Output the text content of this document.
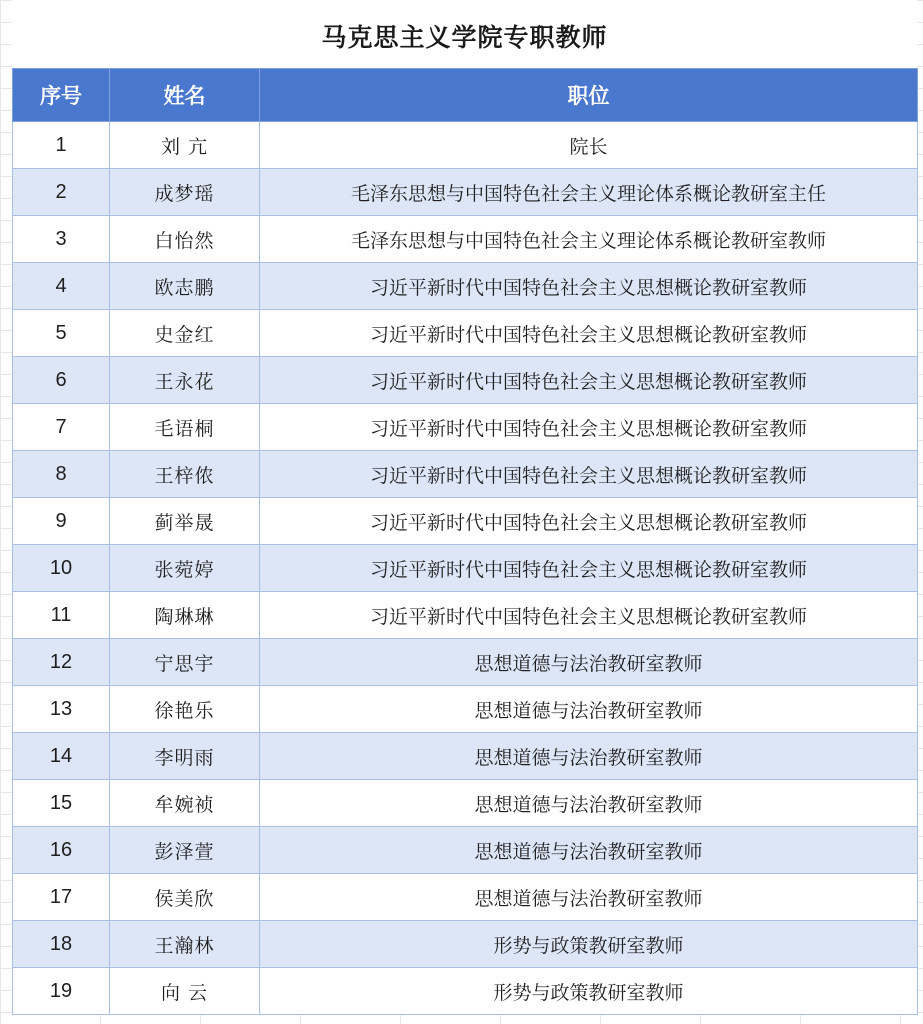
马克思主义学院专职教师
序号	姓名	职位
1	刘 亢	院长
2	成梦瑶	毛泽东思想与中国特色社会主义理论体系概论教研室主任
3	白怡然	毛泽东思想与中国特色社会主义理论体系概论教研室教师
4	欧志鹏	习近平新时代中国特色社会主义思想概论教研室教师
5	史金红	习近平新时代中国特色社会主义思想概论教研室教师
6	王永花	习近平新时代中国特色社会主义思想概论教研室教师
7	毛语桐	习近平新时代中国特色社会主义思想概论教研室教师
8	王梓侬	习近平新时代中国特色社会主义思想概论教研室教师
9	蓟举晟	习近平新时代中国特色社会主义思想概论教研室教师
10	张菀婷	习近平新时代中国特色社会主义思想概论教研室教师
11	陶琳琳	习近平新时代中国特色社会主义思想概论教研室教师
12	宁思宇	思想道德与法治教研室教师
13	徐艳乐	思想道德与法治教研室教师
14	李明雨	思想道德与法治教研室教师
15	牟婉祯	思想道德与法治教研室教师
16	彭泽萱	思想道德与法治教研室教师
17	侯美欣	思想道德与法治教研室教师
18	王瀚林	形势与政策教研室教师
19	向 云	形势与政策教研室教师
